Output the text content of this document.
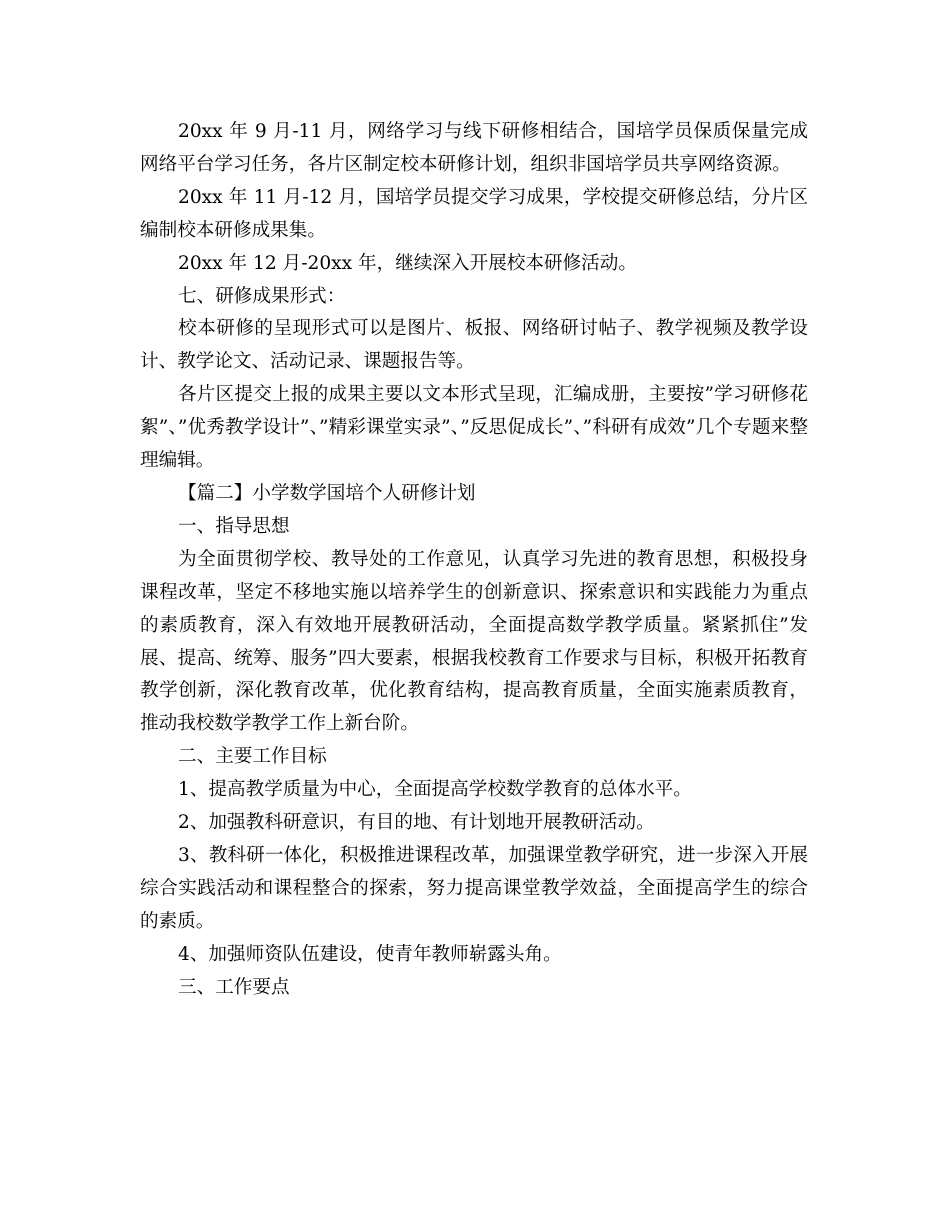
20xx 年 9 月-11 月，网络学习与线下研修相结合，国培学员保质保量完成网络平台学习任务，各片区制定校本研修计划，组织非国培学员共享网络资源。

20xx 年 11 月-12 月，国培学员提交学习成果，学校提交研修总结，分片区编制校本研修成果集。

20xx 年 12 月-20xx 年，继续深入开展校本研修活动。

七、研修成果形式：

校本研修的呈现形式可以是图片、板报、网络研讨帖子、教学视频及教学设计、教学论文、活动记录、课题报告等。

各片区提交上报的成果主要以文本形式呈现，汇编成册，主要按”学习研修花絮”、”优秀教学设计”、”精彩课堂实录”、”反思促成长”、”科研有成效”几个专题来整理编辑。

【篇二】小学数学国培个人研修计划

一、指导思想

为全面贯彻学校、教导处的工作意见，认真学习先进的教育思想，积极投身课程改革，坚定不移地实施以培养学生的创新意识、探索意识和实践能力为重点的素质教育，深入有效地开展教研活动，全面提高数学教学质量。紧紧抓住”发展、提高、统筹、服务”四大要素，根据我校教育工作要求与目标，积极开拓教育教学创新，深化教育改革，优化教育结构，提高教育质量，全面实施素质教育，推动我校数学教学工作上新台阶。

二、主要工作目标

1、提高教学质量为中心，全面提高学校数学教育的总体水平。

2、加强教科研意识，有目的地、有计划地开展教研活动。

3、教科研一体化，积极推进课程改革，加强课堂教学研究，进一步深入开展综合实践活动和课程整合的探索，努力提高课堂教学效益，全面提高学生的综合的素质。

4、加强师资队伍建设，使青年教师崭露头角。

三、工作要点
